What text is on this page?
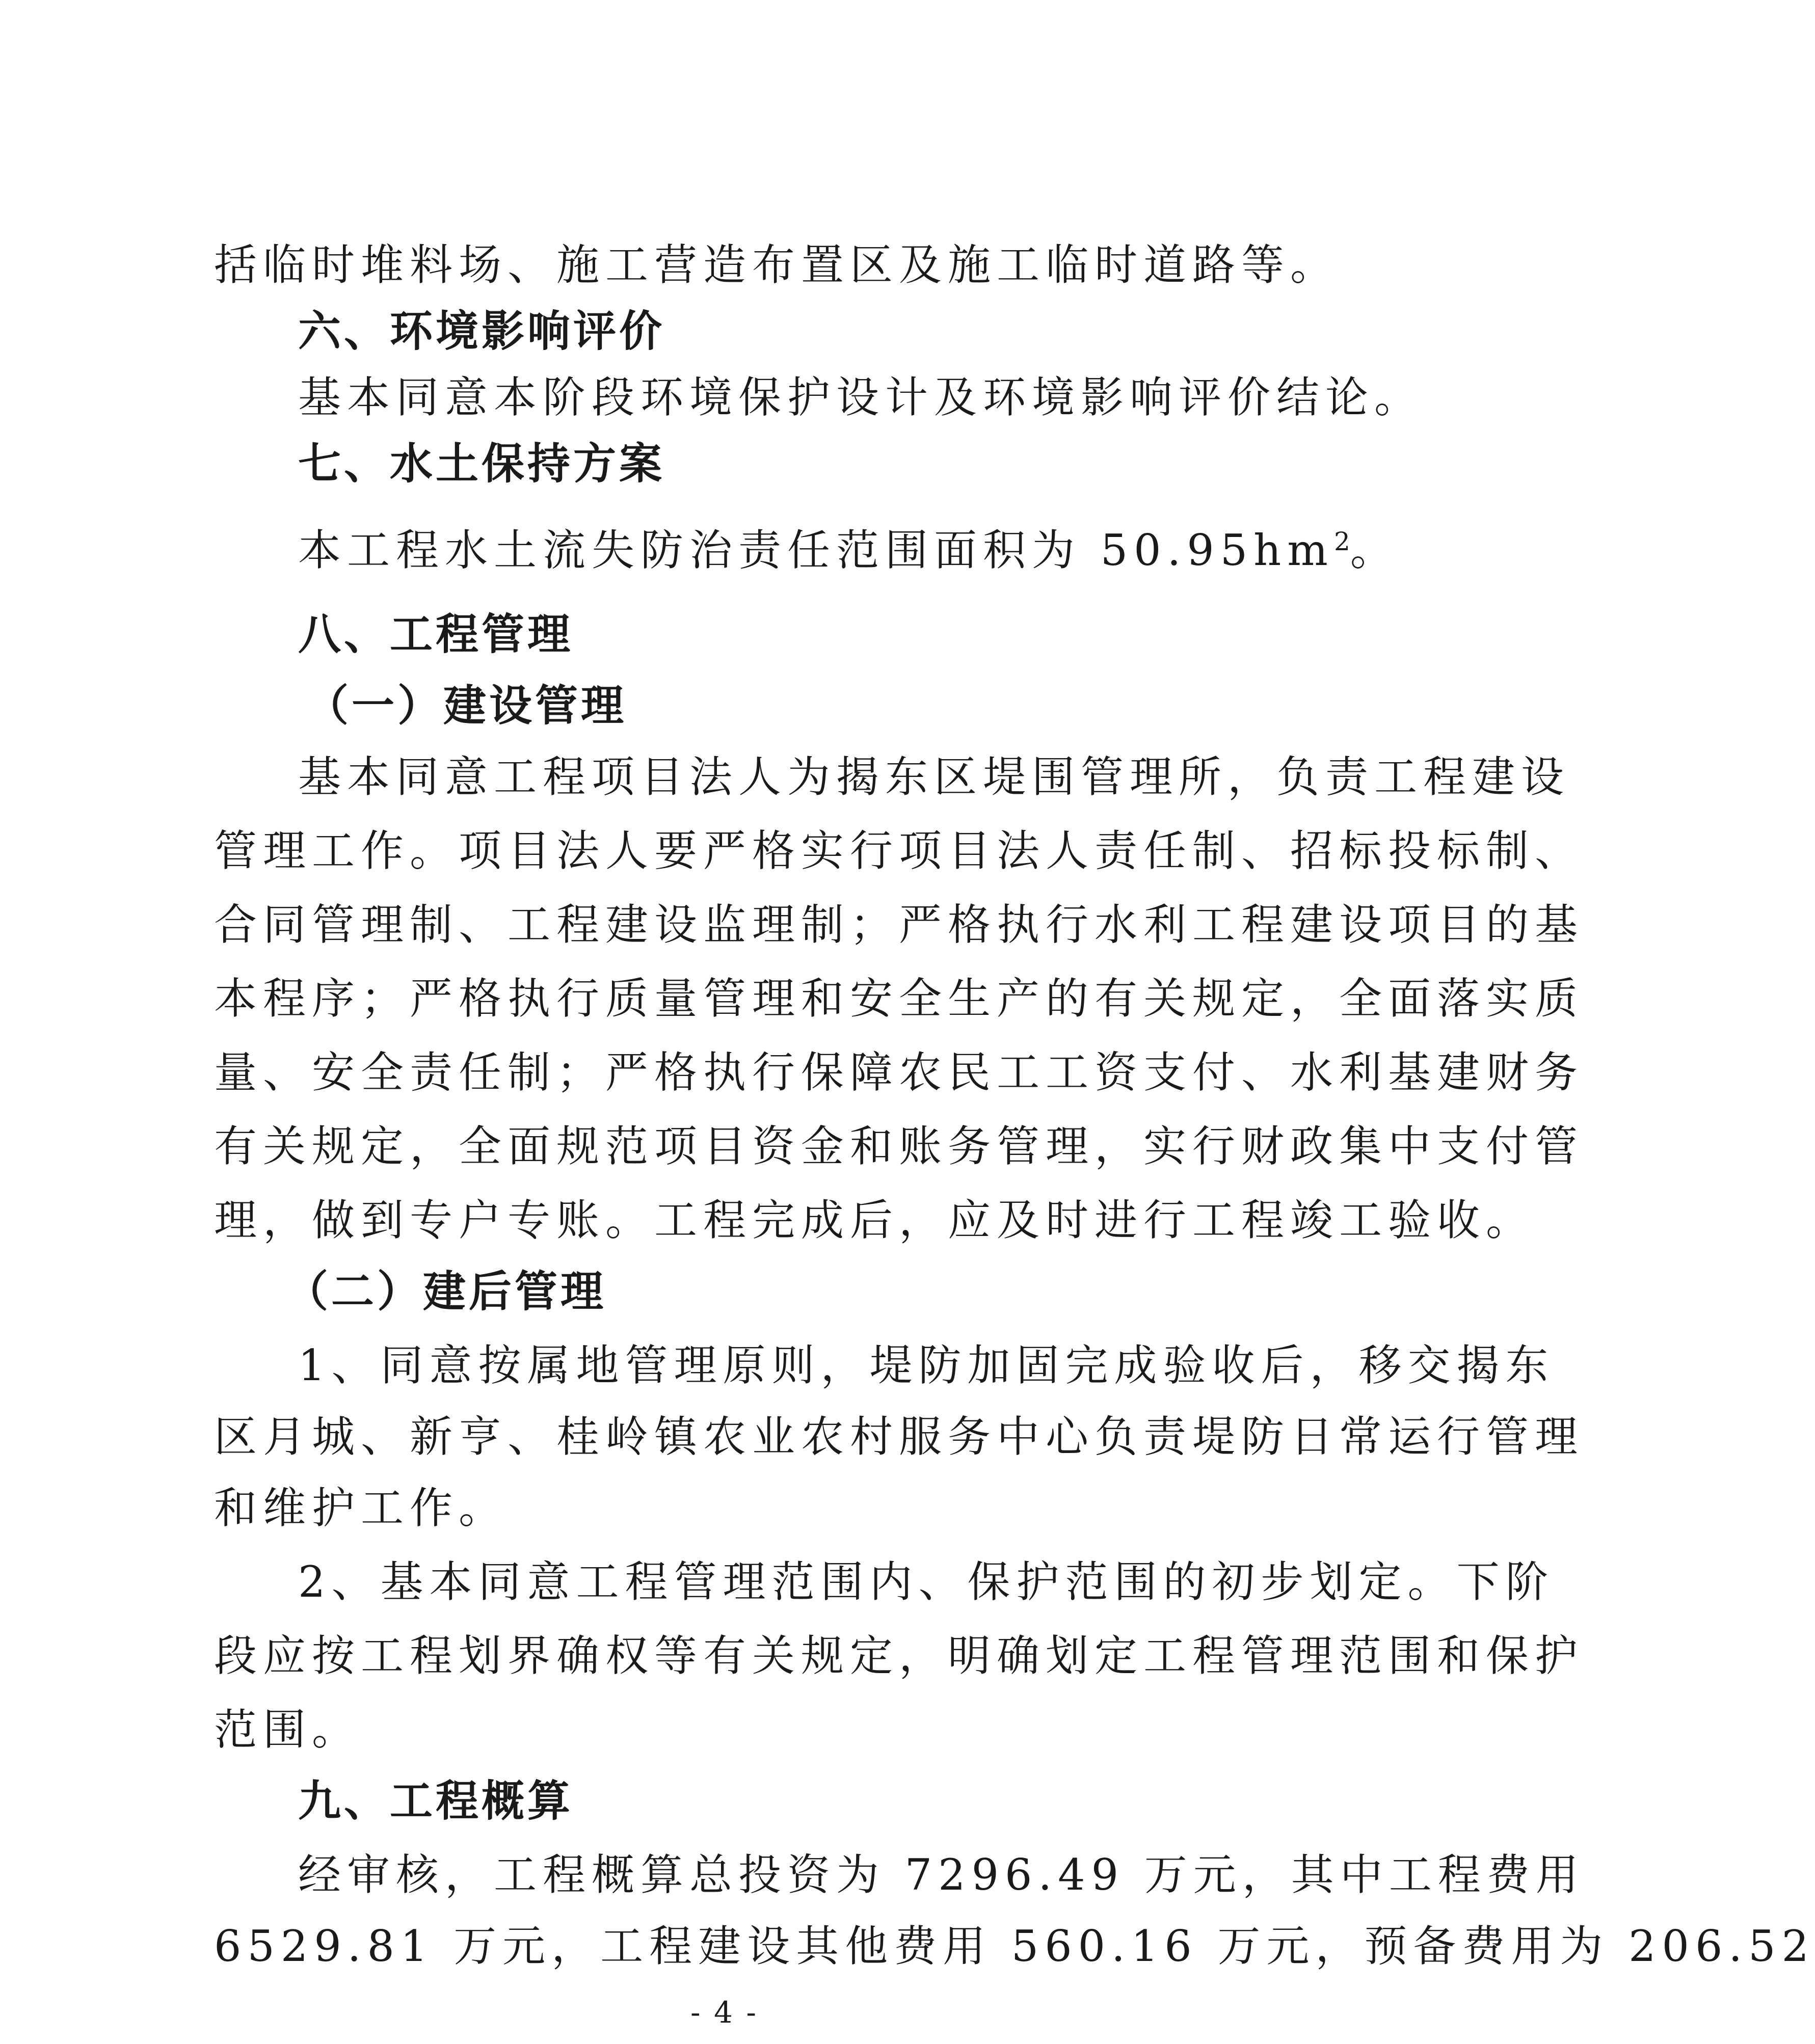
括临时堆料场、施工营造布置区及施工临时道路等。
六、环境影响评价
基本同意本阶段环境保护设计及环境影响评价结论。
七、水土保持方案
本工程水土流失防治责任范围面积为 $50.95hm^2$。
八、工程管理
（一）建设管理
基本同意工程项目法人为揭东区堤围管理所，负责工程建设
管理工作。项目法人要严格实行项目法人责任制、招标投标制、
合同管理制、工程建设监理制；严格执行水利工程建设项目的基
本程序；严格执行质量管理和安全生产的有关规定，全面落实质
量、安全责任制；严格执行保障农民工工资支付、水利基建财务
有关规定，全面规范项目资金和账务管理，实行财政集中支付管
理，做到专户专账。工程完成后，应及时进行工程竣工验收。
（二）建后管理
1、同意按属地管理原则，堤防加固完成验收后，移交揭东
区月城、新亨、桂岭镇农业农村服务中心负责堤防日常运行管理
和维护工作。
2、基本同意工程管理范围内、保护范围的初步划定。下阶
段应按工程划界确权等有关规定，明确划定工程管理范围和保护
范围。
九、工程概算
经审核，工程概算总投资为 7296.49 万元，其中工程费用
6529.81 万元，工程建设其他费用 560.16 万元，预备费用为 206.52
- 4 -
